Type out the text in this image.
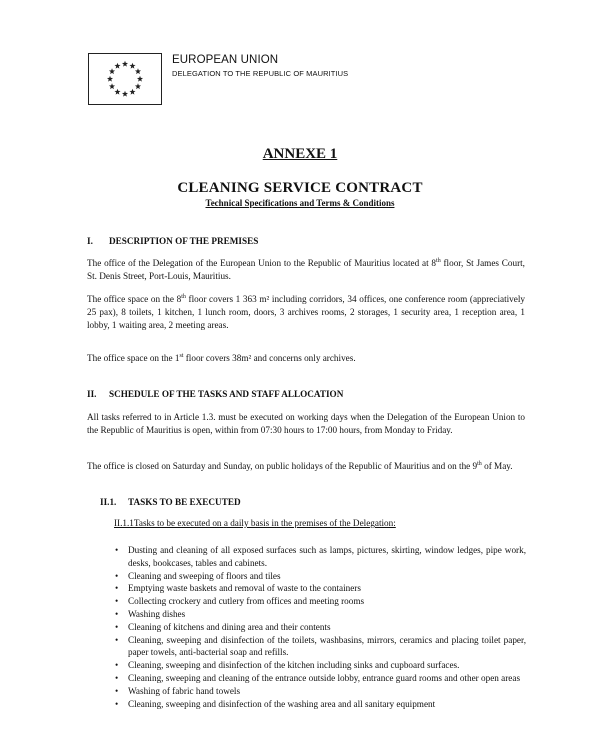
EUROPEAN UNION
DELEGATION TO THE REPUBLIC OF MAURITIUS
ANNEXE 1
CLEANING SERVICE CONTRACT
Technical Specifications and Terms & Conditions
I. DESCRIPTION OF THE PREMISES
The office of the Delegation of the European Union to the Republic of Mauritius located at 8th floor, St James Court, St. Denis Street, Port-Louis, Mauritius.
The office space on the 8th floor covers 1 363 m² including corridors, 34 offices, one conference room (appreciatively 25 pax), 8 toilets, 1 kitchen, 1 lunch room, doors, 3 archives rooms, 2 storages, 1 security area, 1 reception area, 1 lobby, 1 waiting area, 2 meeting areas.
The office space on the 1st floor covers 38m² and concerns only archives.
II. SCHEDULE OF THE TASKS AND STAFF ALLOCATION
All tasks referred to in Article 1.3. must be executed on working days when the Delegation of the European Union to the Republic of Mauritius is open, within from 07:30 hours to 17:00 hours, from Monday to Friday.
The office is closed on Saturday and Sunday, on public holidays of the Republic of Mauritius and on the 9th of May.
II.1. TASKS TO BE EXECUTED
II.1.1Tasks to be executed on a daily basis in the premises of the Delegation:
• Dusting and cleaning of all exposed surfaces such as lamps, pictures, skirting, window ledges, pipe work, desks, bookcases, tables and cabinets.
• Cleaning and sweeping of floors and tiles
• Emptying waste baskets and removal of waste to the containers
• Collecting crockery and cutlery from offices and meeting rooms
• Washing dishes
• Cleaning of kitchens and dining area and their contents
• Cleaning, sweeping and disinfection of the toilets, washbasins, mirrors, ceramics and placing toilet paper, paper towels, anti-bacterial soap and refills.
• Cleaning, sweeping and disinfection of the kitchen including sinks and cupboard surfaces.
• Cleaning, sweeping and cleaning of the entrance outside lobby, entrance guard rooms and other open areas
• Washing of fabric hand towels
• Cleaning, sweeping and disinfection of the washing area and all sanitary equipment
